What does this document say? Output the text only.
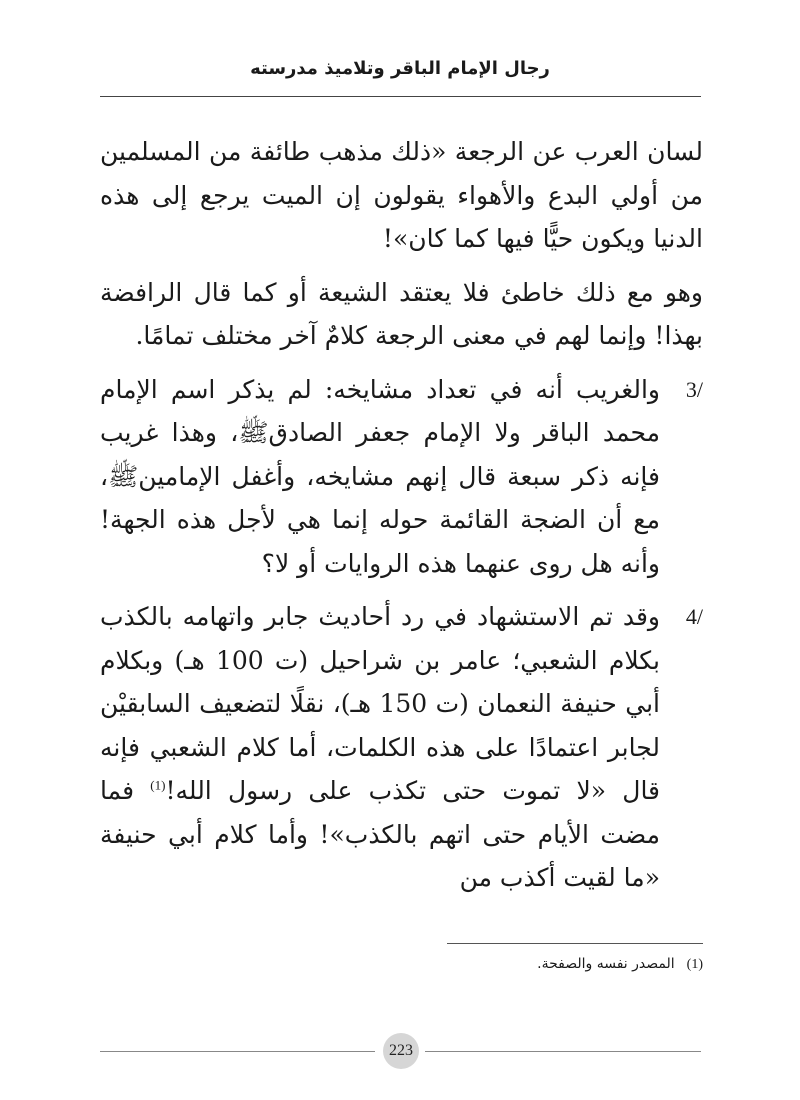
رجال الإمام الباقر وتلاميذ مدرسته

لسان العرب عن الرجعة «ذلك مذهب طائفة من المسلمين من أولي البدع والأهواء يقولون إن الميت يرجع إلى هذه الدنيا ويكون حيًّا فيها كما كان»!

وهو مع ذلك خاطئ فلا يعتقد الشيعة أو كما قال الرافضة بهذا! وإنما لهم في معنى الرجعة كلامٌ آخر مختلف تمامًا.

3/
والغريب أنه في تعداد مشايخه: لم يذكر اسم الإمام محمد الباقر ولا الإمام جعفر الصادقﷺ، وهذا غريب فإنه ذكر سبعة قال إنهم مشايخه، وأغفل الإمامينﷺ، مع أن الضجة القائمة حوله إنما هي لأجل هذه الجهة! وأنه هل روى عنهما هذه الروايات أو لا؟
4/
وقد تم الاستشهاد في رد أحاديث جابر واتهامه بالكذب بكلام الشعبي؛ عامر بن شراحيل (ت 100 هـ) وبكلام أبي حنيفة النعمان (ت 150 هـ)، نقلًا لتضعيف السابقيْن لجابر اعتمادًا على هذه الكلمات، أما كلام الشعبي فإنه قال «لا تموت حتى تكذب على رسول الله!$^{(1)}$ فما مضت الأيام حتى اتهم بالكذب»! وأما كلام أبي حنيفة «ما لقيت أكذب من

(1)المصدر نفسه والصفحة.

223
